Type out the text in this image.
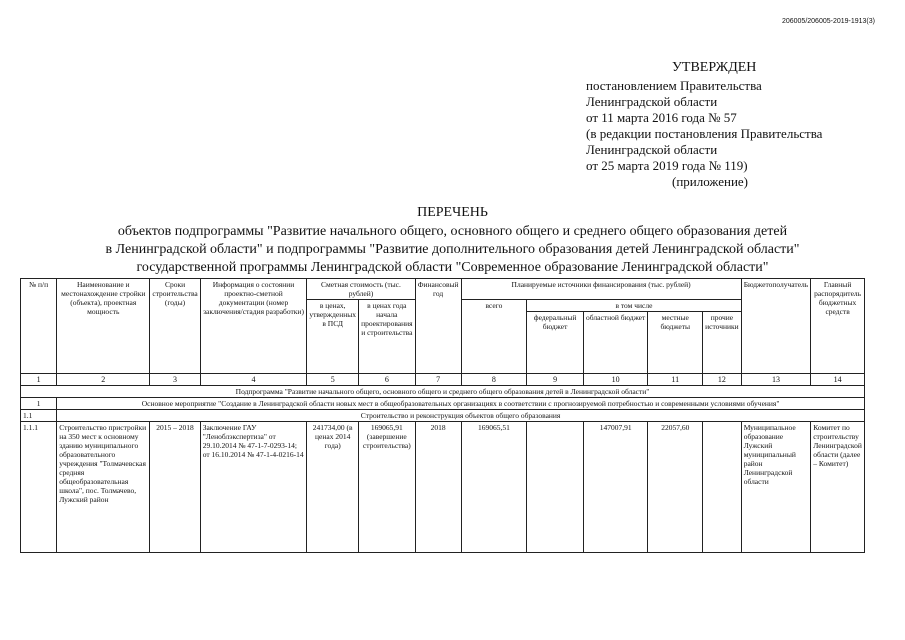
206005/206005-2019-1913(3)
УТВЕРЖДЕН
постановлением Правительства
Ленинградской области
от 11 марта 2016 года № 57
(в редакции постановления Правительства
Ленинградской области
от 25 марта 2019 года № 119)
(приложение)
ПЕРЕЧЕНЬ
объектов подпрограммы "Развитие начального общего, основного общего и среднего общего образования детей
в Ленинградской области" и подпрограммы "Развитие дополнительного образования детей Ленинградской области"
государственной программы Ленинградской области "Современное образование Ленинградской области"
№ п/п	Наименование и местонахождение стройки (объекта), проектная мощность	Сроки строительства (годы)	Информация о состоянии проектно-сметной документации (номер заключения/стадия разработки)	Сметная стоимость (тыс. рублей)		Финансовый год	Планируемые источники финансирования (тыс. рублей)					Бюджетополучатель	Главный распорядитель бюджетных средств
				в ценах, утвержденных в ПСД	в ценах года начала проектирования и строительства		всего	в том числе					
								федеральный бюджет	областной бюджет	местные бюджеты	прочие источники		
1	2	3	4	5	6	7	8	9	10	11	12	13	14
Подпрограмма "Развитие начального общего, основного общего и среднего общего образования детей в Ленинградской области"													
1	Основное мероприятие "Создание в Ленинградской области новых мест в общеобразовательных организациях в соответствии с прогнозируемой потребностью и современными условиями обучения"												
1.1	Строительство и реконструкция объектов общего образования												
1.1.1	Строительство пристройки на 350 мест к основному зданию муниципального образовательного учреждения "Толмачевская средняя общеобразовательная школа", пос. Толмачево, Лужский район	2015 – 2018	Заключение ГАУ "Леноблэкспертиза" от 29.10.2014 № 47-1-7-0293-14; от 16.10.2014 № 47-1-4-0216-14	241734,00 (в ценах 2014 года)	169065,91 (завершение строительства)	2018	169065,51		147007,91	22057,60		Муниципальное образование Лужский муниципальный район Ленинградской области	Комитет по строительству Ленинградской области (далее – Комитет)
